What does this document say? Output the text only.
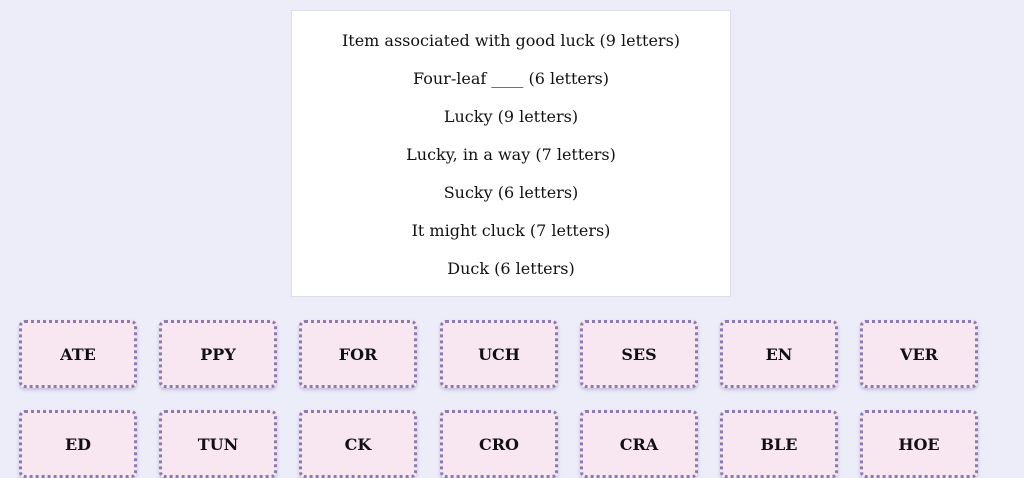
Item associated with good luck (9 letters)

Four-leaf ____ (6 letters)

Lucky (9 letters)

Lucky, in a way (7 letters)

Sucky (6 letters)

It might cluck (7 letters)

Duck (6 letters)

ATE	PPY	FOR	UCH	SES	EN	VER
ED	TUN	CK	CRO	CRA	BLE	HOE
